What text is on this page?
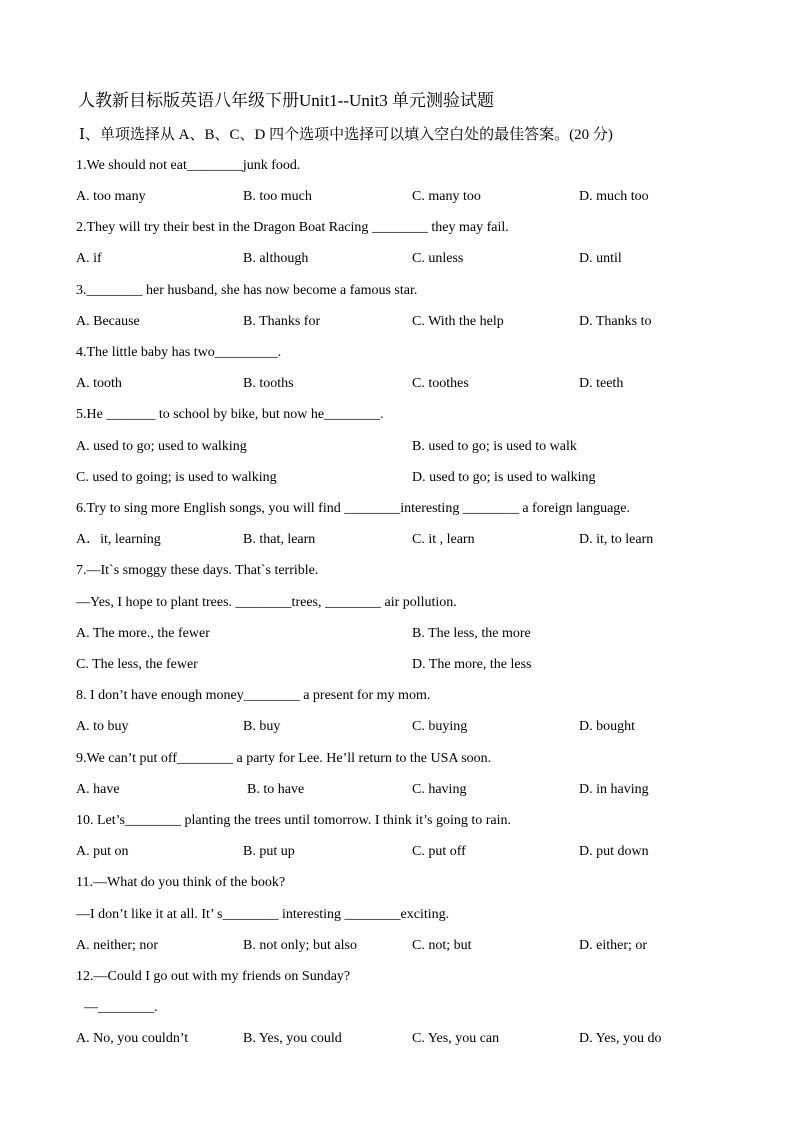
人教新目标版英语八年级下册Unit1--Unit3 单元测验试题
Ⅰ、单项选择从 A、B、C、D 四个选项中选择可以填入空白处的最佳答案。(20 分)
1.We should not eat________junk food.
A. too many	B. too much	C. many too	D. much too
2.They will try their best in the Dragon Boat Racing ________ they may fail.
A. if	B. although	C. unless	D. until
3.________ her husband, she has now become a famous star.
A. Because	B. Thanks for	C. With the help	D. Thanks to
4.The little baby has two_________.
A. tooth	B. tooths	C. toothes	D. teeth
5.He _______ to school by bike, but now he________.
A. used to go; used to walking	B. used to go; is used to walk
C. used to going; is used to walking	D. used to go; is used to walking
6.Try to sing more English songs, you will find ________interesting ________ a foreign language.
A．it, learning	B. that, learn	C. it , learn	D. it, to learn
7.—It`s smoggy these days. That`s terrible.
—Yes, I hope to plant trees. ________trees, ________ air pollution.
A. The more., the fewer	B. The less, the more
C. The less, the fewer	D. The more, the less
8. I don’t have enough money________ a present for my mom.
A. to buy	B. buy	C. buying	D. bought
9.We can’t put off________ a party for Lee. He’ll return to the USA soon.
A. have	B. to have	C. having	D. in having
10. Let’s________ planting the trees until tomorrow. I think it’s going to rain.
A. put on	B. put up	C. put off	D. put down
11.—What do you think of the book?
—I don’t like it at all. It’ s________ interesting ________exciting.
A. neither; nor	B. not only; but also	C. not; but	D. either; or
12.—Could I go out with my friends on Sunday?
—________.
A. No, you couldn’t	B. Yes, you could	C. Yes, you can	D. Yes, you do
